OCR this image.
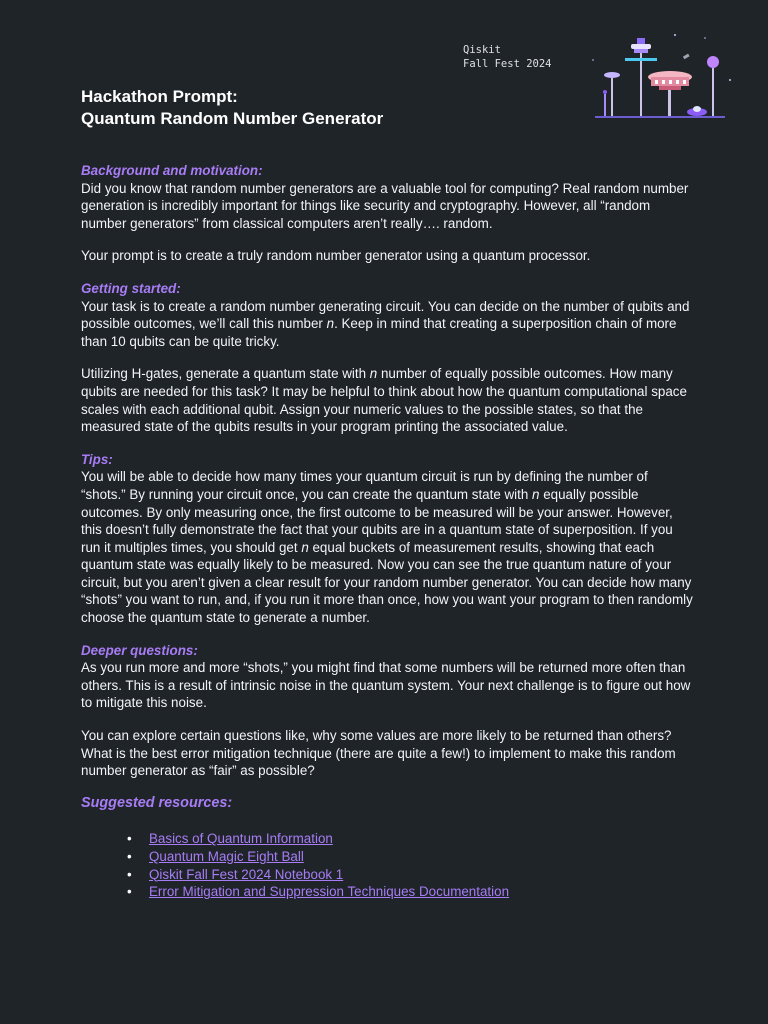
Qiskit
Fall Fest 2024
Hackathon Prompt:
Quantum Random Number Generator
Background and motivation:

Did you know that random number generators are a valuable tool for computing? Real random number generation is incredibly important for things like security and cryptography. However, all “random number generators” from classical computers aren’t really…. random.

Your prompt is to create a truly random number generator using a quantum processor.

Getting started:

Your task is to create a random number generating circuit. You can decide on the number of qubits and possible outcomes, we’ll call this number n. Keep in mind that creating a superposition chain of more than 10 qubits can be quite tricky.

Utilizing H-gates, generate a quantum state with n number of equally possible outcomes. How many qubits are needed for this task? It may be helpful to think about how the quantum computational space scales with each additional qubit. Assign your numeric values to the possible states, so that the measured state of the qubits results in your program printing the associated value.

Tips:

You will be able to decide how many times your quantum circuit is run by defining the number of “shots.” By running your circuit once, you can create the quantum state with n equally possible outcomes. By only measuring once, the first outcome to be measured will be your answer. However, this doesn’t fully demonstrate the fact that your qubits are in a quantum state of superposition. If you run it multiples times, you should get n equal buckets of measurement results, showing that each quantum state was equally likely to be measured. Now you can see the true quantum nature of your circuit, but you aren’t given a clear result for your random number generator. You can decide how many “shots” you want to run, and, if you run it more than once, how you want your program to then randomly choose the quantum state to generate a number.

Deeper questions:

As you run more and more “shots,” you might find that some numbers will be returned more often than others. This is a result of intrinsic noise in the quantum system. Your next challenge is to figure out how to mitigate this noise.

You can explore certain questions like, why some values are more likely to be returned than others? What is the best error mitigation technique (there are quite a few!) to implement to make this random number generator as “fair” as possible?

Suggested resources:
• Basics of Quantum Information
• Quantum Magic Eight Ball
• Qiskit Fall Fest 2024 Notebook 1
• Error Mitigation and Suppression Techniques Documentation
